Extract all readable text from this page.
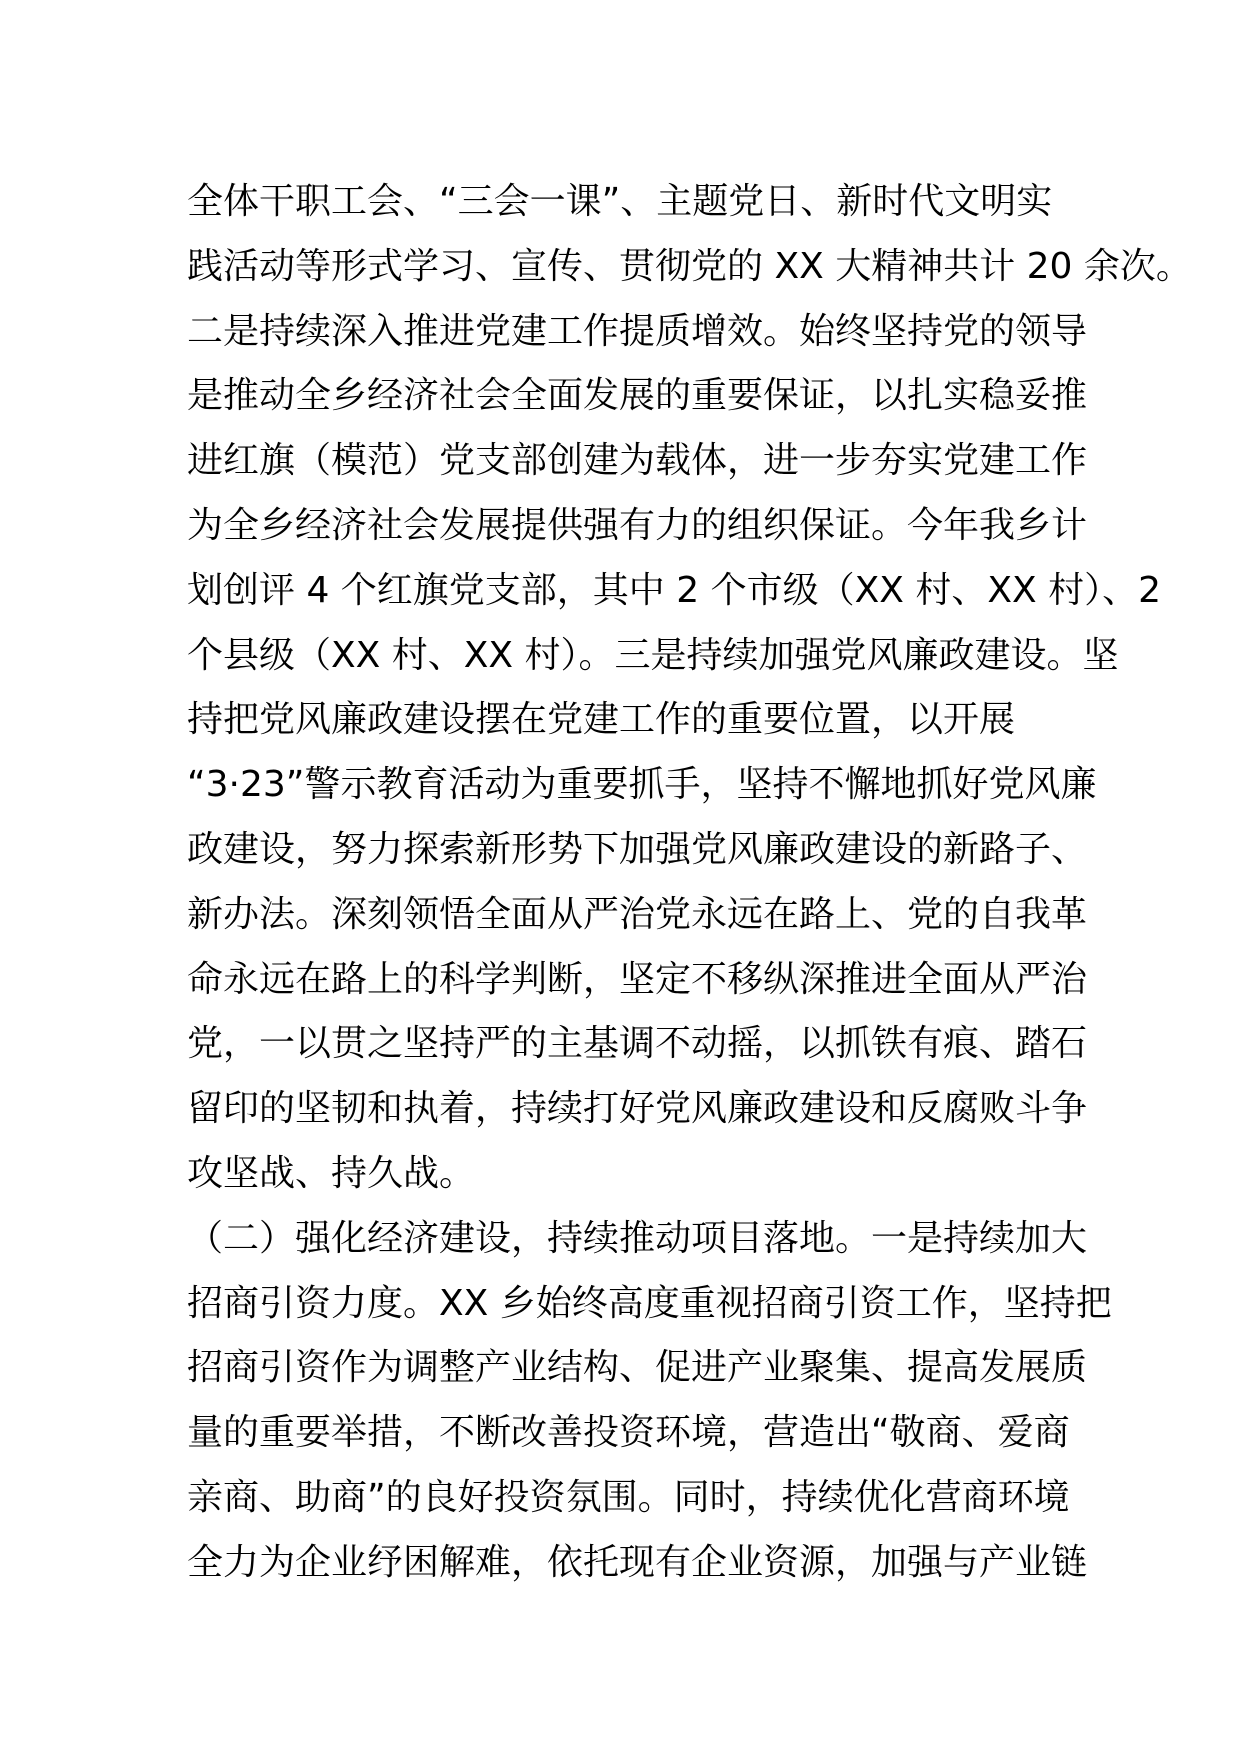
全体干职工会、“三会一课”、主题党日、新时代文明实
践活动等形式学习、宣传、贯彻党的 XX 大精神共计 20 余次。
二是持续深入推进党建工作提质增效。始终坚持党的领导
是推动全乡经济社会全面发展的重要保证，以扎实稳妥推
进红旗（模范）党支部创建为载体，进一步夯实党建工作
为全乡经济社会发展提供强有力的组织保证。今年我乡计
划创评 4 个红旗党支部，其中 2 个市级（XX 村、XX 村）、2
个县级（XX 村、XX 村）。三是持续加强党风廉政建设。坚
持把党风廉政建设摆在党建工作的重要位置，以开展
“3·23”警示教育活动为重要抓手，坚持不懈地抓好党风廉
政建设，努力探索新形势下加强党风廉政建设的新路子、
新办法。深刻领悟全面从严治党永远在路上、党的自我革
命永远在路上的科学判断，坚定不移纵深推进全面从严治
党，一以贯之坚持严的主基调不动摇，以抓铁有痕、踏石
留印的坚韧和执着，持续打好党风廉政建设和反腐败斗争
攻坚战、持久战。
（二）强化经济建设，持续推动项目落地。一是持续加大
招商引资力度。XX 乡始终高度重视招商引资工作，坚持把
招商引资作为调整产业结构、促进产业聚集、提高发展质
量的重要举措，不断改善投资环境，营造出“敬商、爱商
亲商、助商”的良好投资氛围。同时，持续优化营商环境
全力为企业纾困解难，依托现有企业资源，加强与产业链
